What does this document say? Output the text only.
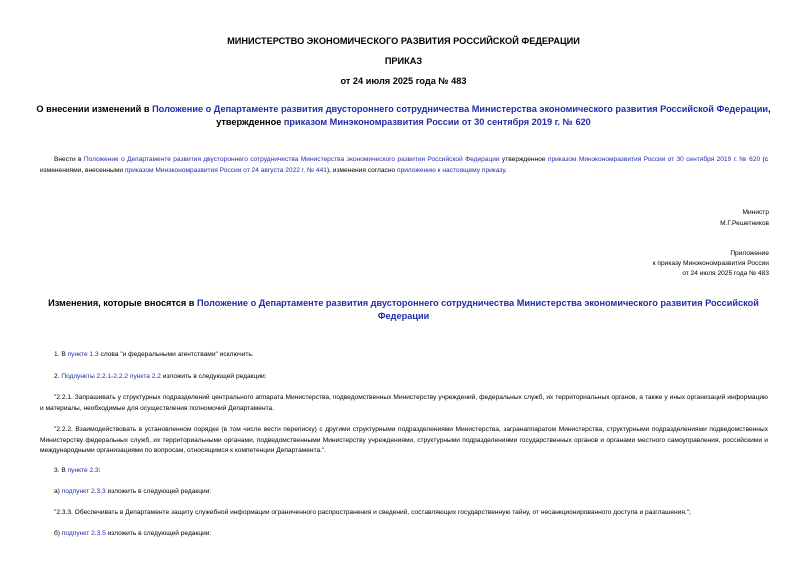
МИНИСТЕРСТВО ЭКОНОМИЧЕСКОГО РАЗВИТИЯ РОССИЙСКОЙ ФЕДЕРАЦИИ
ПРИКАЗ
от 24 июля 2025 года № 483
О внесении изменений в Положение о Департаменте развития двустороннего сотрудничества Министерства экономического развития Российской Федерации,
утвержденное приказом Минэкономразвития России от 30 сентября 2019 г. № 620
Внести в Положение о Департаменте развития двустороннего сотрудничества Министерства экономического развития Российской Федерации утвержденное приказом Минэкономразвития России от 30 сентября 2019 г. № 620 (с изменениями, внесенными приказом Минэкономразвития России от 24 августа 2022 г. № 441), изменения согласно приложению к настоящему приказу.
Министр
М.Г.Решетников
Приложение
к приказу Минэкономразвития России
от 24 июля 2025 года № 483
Изменения, которые вносятся в Положение о Департаменте развития двустороннего сотрудничества Министерства экономического развития Российской
Федерации
1. В пункте 1.3 слова "и федеральными агентствами" исключить.
2. Подпункты 2.2.1-2.2.2 пункта 2.2 изложить в следующей редакции:
"2.2.1. Запрашивать у структурных подразделений центрального аппарата Министерства, подведомственных Министерству учреждений, федеральных служб, их территориальных органов, а также у иных организаций информацию и материалы, необходимые для осуществления полномочий Департамента.
"2.2.2. Взаимодействовать в установленном порядке (в том числе вести переписку) с другими структурными подразделениями Министерства, загранаппаратом Министерства, структурными подразделениями подведомственных Министерству федеральных служб, их территориальными органами, подведомственными Министерству учреждениями, структурными подразделениями государственных органов и органами местного самоуправления, российскими и международными организациями по вопросам, относящимся к компетенции Департамента.".
3. В пункте 2.3:
а) подпункт 2.3.3 изложить в следующей редакции:
"2.3.3. Обеспечивать в Департаменте защиту служебной информации ограниченного распространения и сведений, составляющих государственную тайну, от несанкционированного доступа и разглашения.";
б) подпункт 2.3.5 изложить в следующей редакции:
